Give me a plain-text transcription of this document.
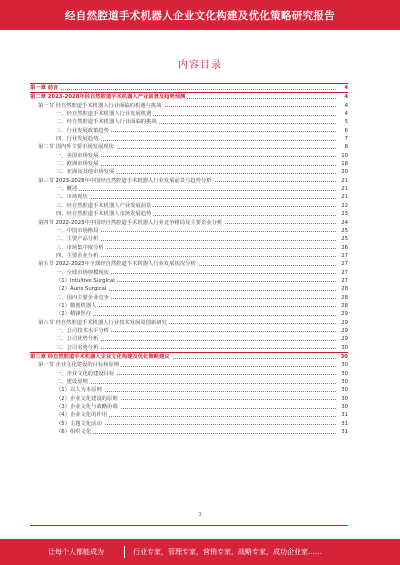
经自然腔道手术机器人企业文化构建及优化策略研究报告
内容目录
第一章 前言	4
第二章 2023-2028年经自然腔道手术机器人产业前景及趋势预测	4
第一节 经自然腔道手术机器人行业面临的机遇与挑战	4
一、经自然腔道手术机器人行业发展机遇	4
二、经自然腔道手术机器人行业面临的挑战	5
三、行业发展政策趋势	6
四、行业发展趋势	7
第二节 国内外主要市场发展现状	8
一、美国市场发展	10
二、欧洲市场发展	18
三、亚洲及其他市场发展	20
第三节 2023-2028年中国经自然腔道手术机器人行业发展前景与趋势分析	21
一、概述	21
二、市场现状	21
三、经自然腔道手术机器人产业发展前景	22
四、经自然腔道手术机器人市场发展趋势	23
第四节 2022-2023年中国经自然腔道手术机器人行业竞争格局及主要企业分析	24
一、中国市场格局	25
二、主要产品分析	25
三、市场集中度分析	26
四、主要企业分析	27
第五节 2022-2023年全球经自然腔道手术机器人行业发展状况分析	27
一、全球市场规模现状	27
（1）Intuitive Surgical	27
（2）Auris Surgical	28
二、国内主要企业竞争	28
（1）微创机器人	28
（2）精锋医疗	29
第六节 经自然腔道手术机器人行业技术发展及创新研究	29
一、公司技术水平分析	29
二、公司优势分析	29
三、公司劣势分析	30
第三章 经自然腔道手术机器人企业文化构建及优化策略建议	30
第一节 企业文化建设的目标和原则	30
一、企业文化的建设目标	30
二、建设原则	30
（1）以人为本原则	30
（2）企业文化建设的原则	30
（3）企业文化与战略协调	30
（4）企业文化的作用	31
（5）主题文化活动	31
（6）组织文化	31
3
让每个人都能成为	行业专家，管理专家，营销专家，战略专家，成功企业家……
